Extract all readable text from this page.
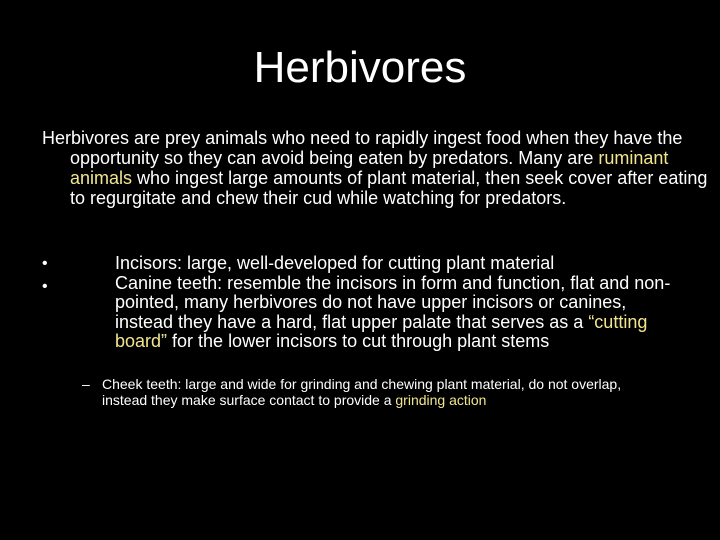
Herbivores
Herbivores are prey animals who need to rapidly ingest food when they have the opportunity so they can avoid being eaten by predators. Many are ruminant animals who ingest large amounts of plant material, then seek cover after eating to regurgitate and chew their cud while watching for predators.
•
•
Incisors: large, well-developed for cutting plant material
Canine teeth: resemble the incisors in form and function, flat and non-pointed, many herbivores do not have upper incisors or canines, instead they have a hard, flat upper palate that serves as a “cutting board” for the lower incisors to cut through plant stems
– Cheek teeth: large and wide for grinding and chewing plant material, do not overlap, instead they make surface contact to provide a grinding action
